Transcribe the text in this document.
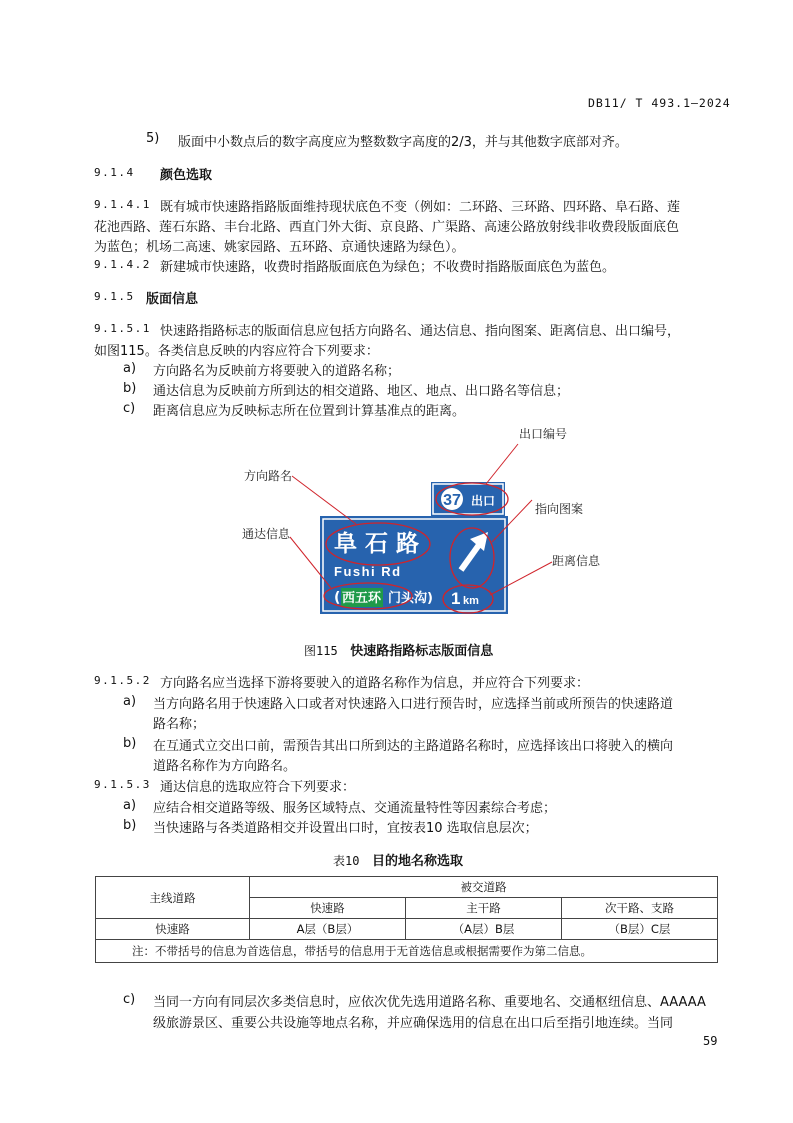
DB11/ T 493.1—2024
5) 版面中小数点后的数字高度应为整数数字高度的2/3，并与其他数字底部对齐。
9.1.4 颜色选取
9.1.4.1 既有城市快速路指路版面维持现状底色不变（例如：二环路、三环路、四环路、阜石路、莲
花池西路、莲石东路、丰台北路、西直门外大街、京良路、广渠路、高速公路放射线非收费段版面底色
为蓝色；机场二高速、姚家园路、五环路、京通快速路为绿色）。
9.1.4.2 新建城市快速路，收费时指路版面底色为绿色；不收费时指路版面底色为蓝色。
9.1.5 版面信息
9.1.5.1 快速路指路标志的版面信息应包括方向路名、通达信息、指向图案、距离信息、出口编号，
如图115。各类信息反映的内容应符合下列要求：
a) 方向路名为反映前方将要驶入的道路名称；
b) 通达信息为反映前方所到达的相交道路、地区、地点、出口路名等信息；
c) 距离信息应为反映标志所在位置到计算基准点的距离。
37 出口
阜 石 路
Fushi Rd
( 西五环 门头沟) 1 km
出口编号
方向路名
指向图案
通达信息
距离信息
图115 快速路指路标志版面信息
9.1.5.2 方向路名应当选择下游将要驶入的道路名称作为信息，并应符合下列要求：
a) 当方向路名用于快速路入口或者对快速路入口进行预告时，应选择当前或所预告的快速路道
路名称；
b) 在互通式立交出口前，需预告其出口所到达的主路道路名称时，应选择该出口将驶入的横向
道路名称作为方向路名。
9.1.5.3 通达信息的选取应符合下列要求：
a) 应结合相交道路等级、服务区域特点、交通流量特性等因素综合考虑；
b) 当快速路与各类道路相交并设置出口时，宜按表10 选取信息层次；
表10 目的地名称选取
主线道路	被交道路		
	快速路	主干路	次干路、支路
快速路	A层（B层）	（A层）B层	（B层）C层
注：不带括号的信息为首选信息，带括号的信息用于无首选信息或根据需要作为第二信息。			
c) 当同一方向有同层次多类信息时，应依次优先选用道路名称、重要地名、交通枢纽信息、AAAAA
级旅游景区、重要公共设施等地点名称，并应确保选用的信息在出口后至指引地连续。当同
59
